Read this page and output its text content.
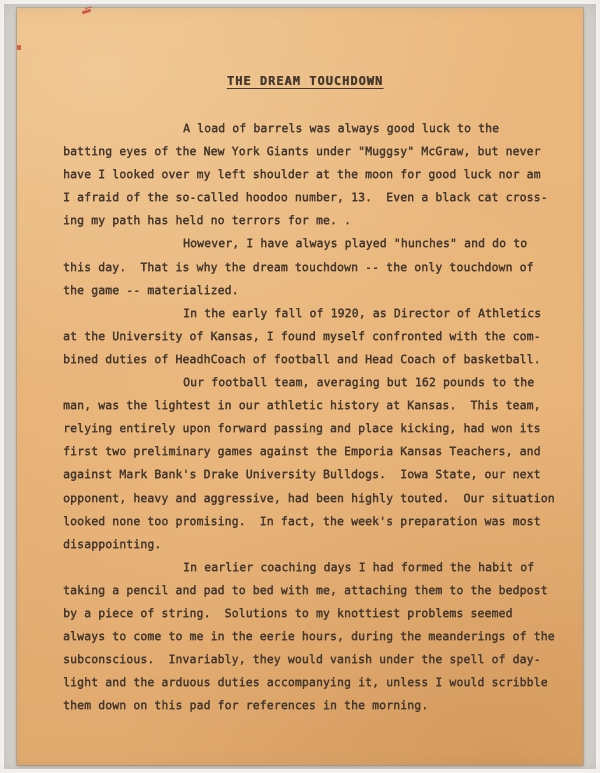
THE DREAM TOUCHDOWN
A load of barrels was always good luck to the
batting eyes of the New York Giants under "Muggsy" McGraw, but never
have I looked over my left shoulder at the moon for good luck nor am
I afraid of the so-called hoodoo number, 13.  Even a black cat cross-
ing my path has held no terrors for me. .
However, I have always played "hunches" and do to
this day.  That is why the dream touchdown -- the only touchdown of
the game -- materialized.
In the early fall of 1920, as Director of Athletics
at the University of Kansas, I found myself confronted with the com-
bined duties of HeadhCoach of football and Head Coach of basketball.
Our football team, averaging but 162 pounds to the
man, was the lightest in our athletic history at Kansas.  This team,
relying entirely upon forward passing and place kicking, had won its
first two preliminary games against the Emporia Kansas Teachers, and
against Mark Bank's Drake University Bulldogs.  Iowa State, our next
opponent, heavy and aggressive, had been highly touted.  Our situation
looked none too promising.  In fact, the week's preparation was most
disappointing.
In earlier coaching days I had formed the habit of
taking a pencil and pad to bed with me, attaching them to the bedpost
by a piece of string.  Solutions to my knottiest problems seemed
always to come to me in the eerie hours, during the meanderings of the
subconscious.  Invariably, they would vanish under the spell of day-
light and the arduous duties accompanying it, unless I would scribble
them down on this pad for references in the morning.
